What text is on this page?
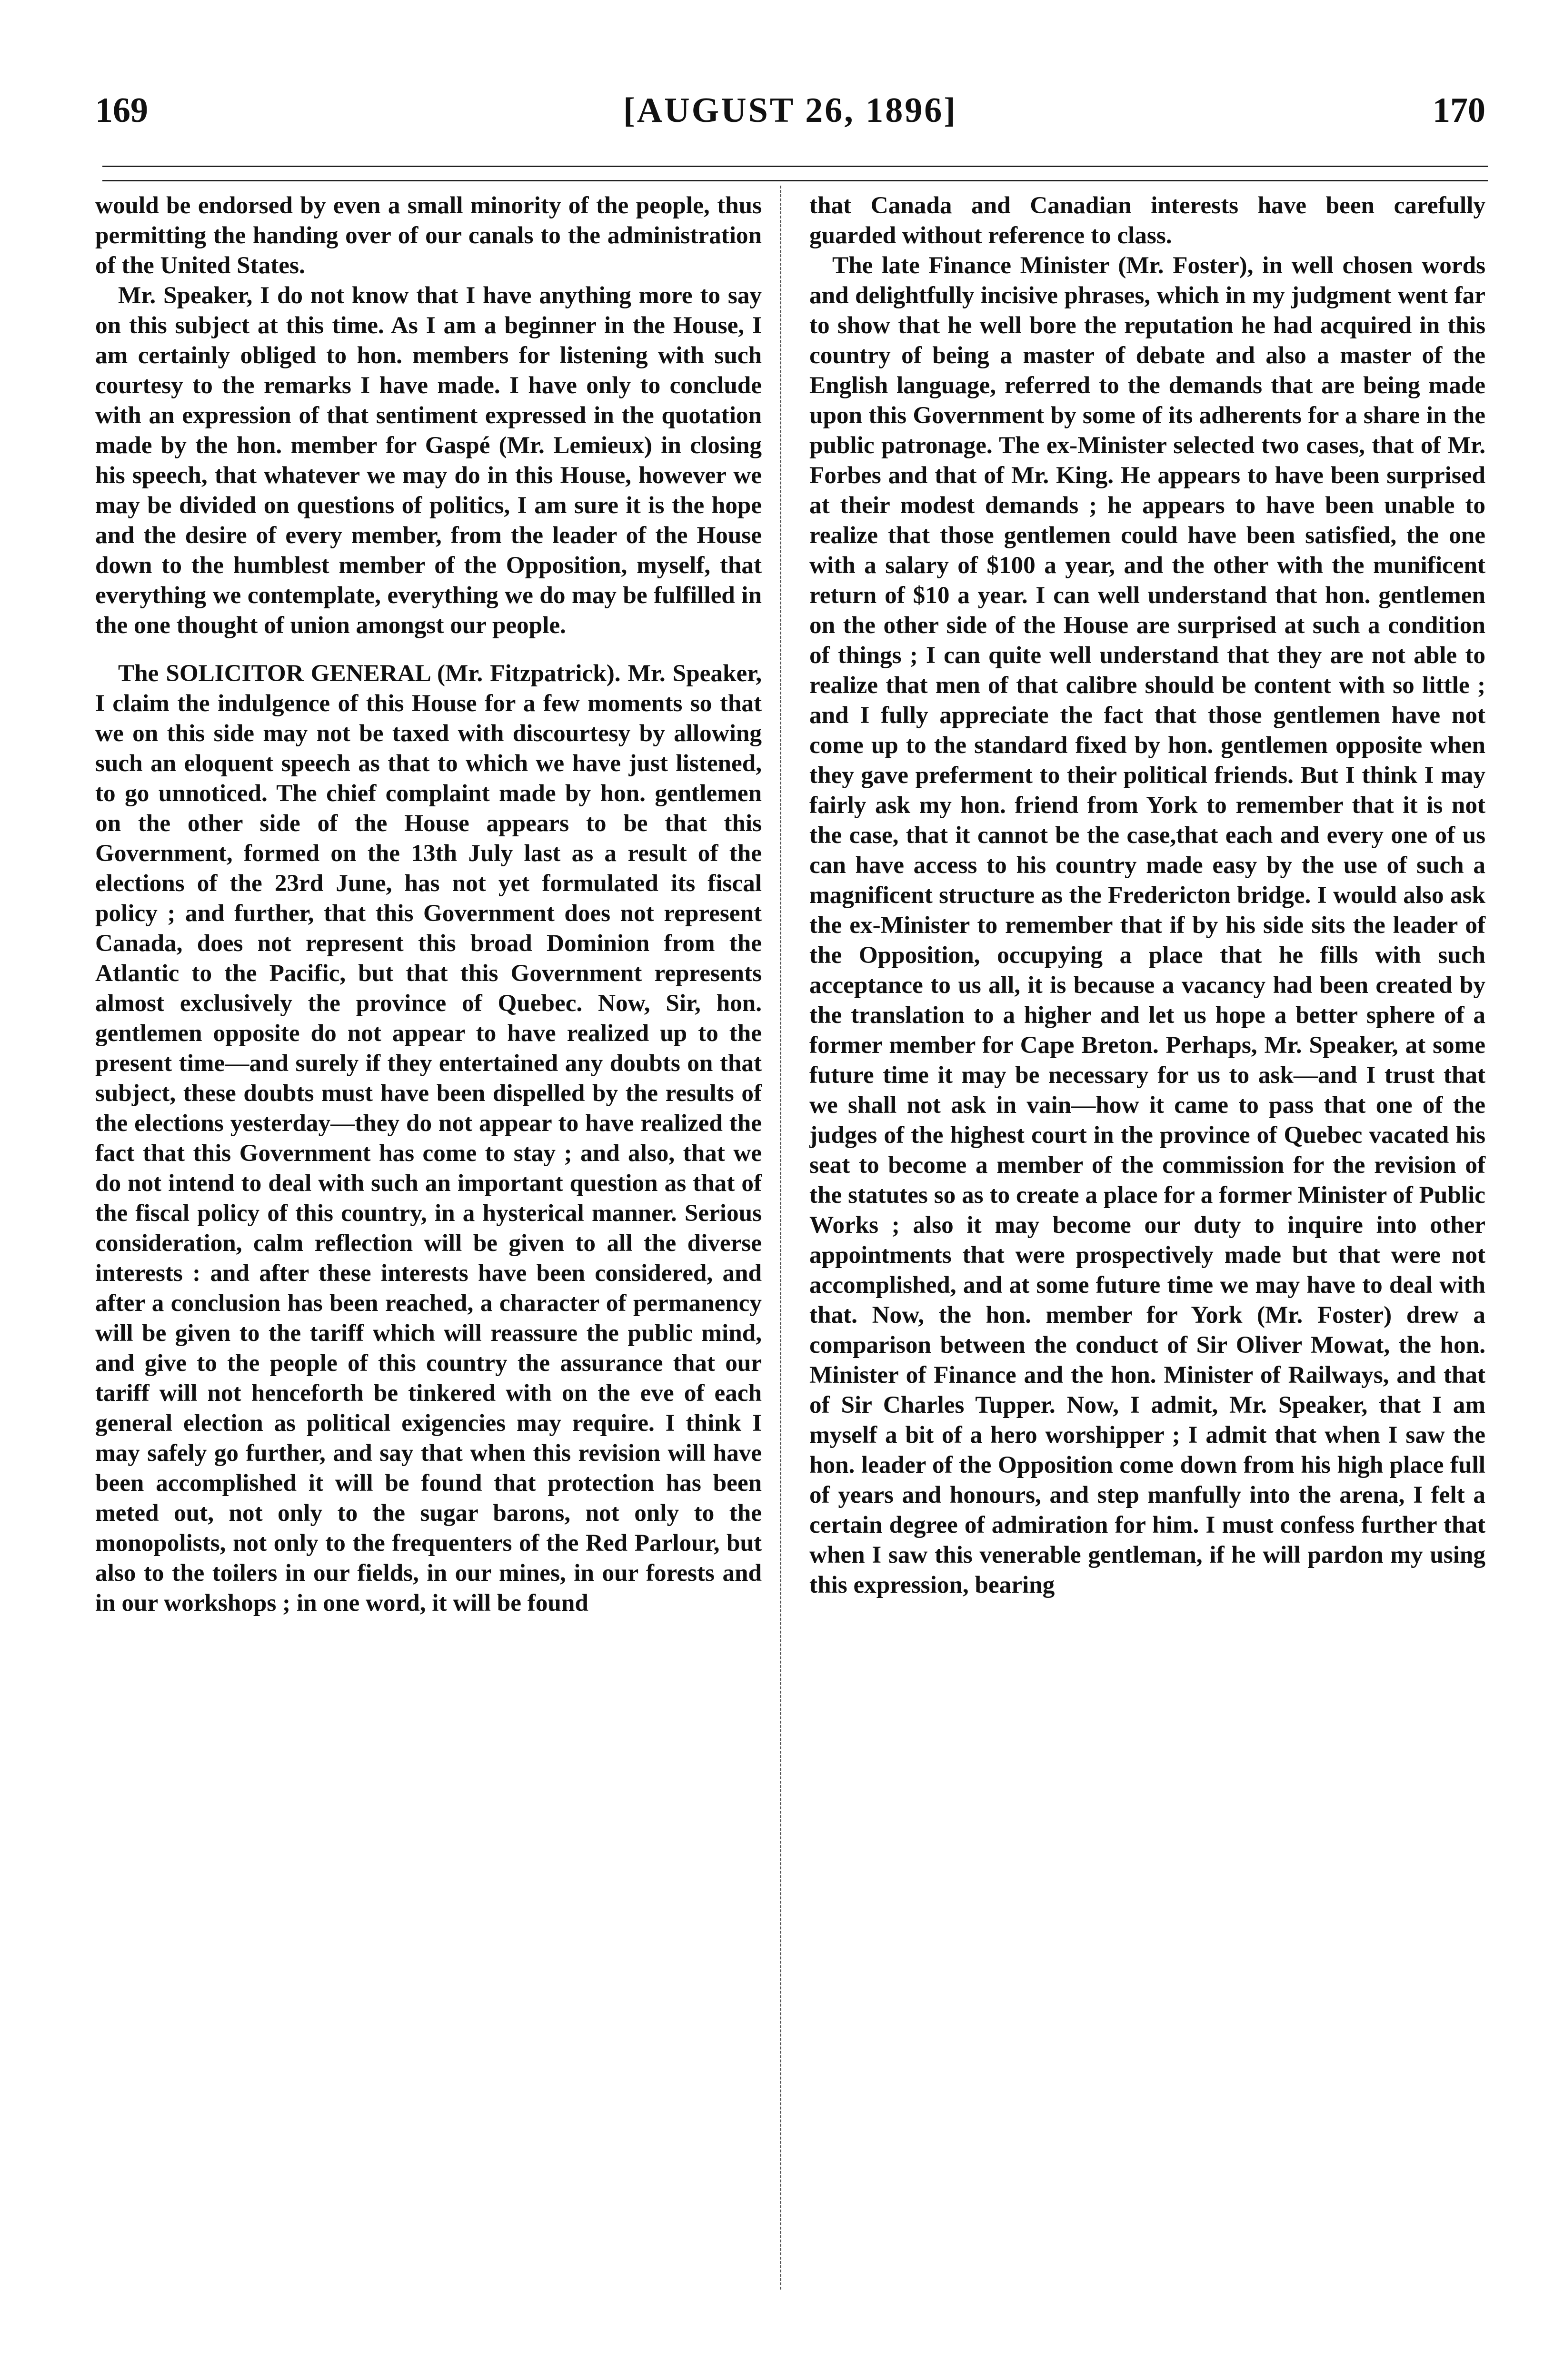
169	[AUGUST 26, 1896]	170

would be endorsed by even a small minority of the people, thus permitting the handing over of our canals to the administration of the United States.

Mr. Speaker, I do not know that I have anything more to say on this subject at this time. As I am a beginner in the House, I am certainly obliged to hon. members for listening with such courtesy to the remarks I have made. I have only to conclude with an expression of that sentiment expressed in the quotation made by the hon. member for Gaspé (Mr. Lemieux) in closing his speech, that whatever we may do in this House, however we may be divided on questions of politics, I am sure it is the hope and the desire of every member, from the leader of the House down to the humblest member of the Opposition, myself, that everything we contemplate, everything we do may be fulfilled in the one thought of union amongst our people.

The SOLICITOR GENERAL (Mr. Fitzpatrick). Mr. Speaker, I claim the indulgence of this House for a few moments so that we on this side may not be taxed with discourtesy by allowing such an eloquent speech as that to which we have just listened, to go unnoticed. The chief complaint made by hon. gentlemen on the other side of the House appears to be that this Government, formed on the 13th July last as a result of the elections of the 23rd June, has not yet formulated its fiscal policy ; and further, that this Government does not represent Canada, does not represent this broad Dominion from the Atlantic to the Pacific, but that this Government represents almost exclusively the province of Quebec. Now, Sir, hon. gentlemen opposite do not appear to have realized up to the present time—and surely if they entertained any doubts on that subject, these doubts must have been dispelled by the results of the elections yesterday—they do not appear to have realized the fact that this Government has come to stay ; and also, that we do not intend to deal with such an important question as that of the fiscal policy of this country, in a hysterical manner. Serious consideration, calm reflection will be given to all the diverse interests : and after these interests have been considered, and after a conclusion has been reached, a character of permanency will be given to the tariff which will reassure the public mind, and give to the people of this country the assurance that our tariff will not henceforth be tinkered with on the eve of each general election as political exigencies may require. I think I may safely go further, and say that when this revision will have been accomplished it will be found that protection has been meted out, not only to the sugar barons, not only to the monopolists, not only to the frequenters of the Red Parlour, but also to the toilers in our fields, in our mines, in our forests and in our workshops ; in one word, it will be found

that Canada and Canadian interests have been carefully guarded without reference to class.

The late Finance Minister (Mr. Foster), in well chosen words and delightfully incisive phrases, which in my judgment went far to show that he well bore the reputation he had acquired in this country of being a master of debate and also a master of the English language, referred to the demands that are being made upon this Government by some of its adherents for a share in the public patronage. The ex-Minister selected two cases, that of Mr. Forbes and that of Mr. King. He appears to have been surprised at their modest demands ; he appears to have been unable to realize that those gentlemen could have been satisfied, the one with a salary of $100 a year, and the other with the munificent return of $10 a year. I can well understand that hon. gentlemen on the other side of the House are surprised at such a condition of things ; I can quite well understand that they are not able to realize that men of that calibre should be content with so little ; and I fully appreciate the fact that those gentlemen have not come up to the standard fixed by hon. gentlemen opposite when they gave preferment to their political friends. But I think I may fairly ask my hon. friend from York to remember that it is not the case, that it cannot be the case,that each and every one of us can have access to his country made easy by the use of such a magnificent structure as the Fredericton bridge. I would also ask the ex-Minister to remember that if by his side sits the leader of the Opposition, occupying a place that he fills with such acceptance to us all, it is because a vacancy had been created by the translation to a higher and let us hope a better sphere of a former member for Cape Breton. Perhaps, Mr. Speaker, at some future time it may be necessary for us to ask—and I trust that we shall not ask in vain—how it came to pass that one of the judges of the highest court in the province of Quebec vacated his seat to become a member of the commission for the revision of the statutes so as to create a place for a former Minister of Public Works ; also it may become our duty to inquire into other appointments that were prospectively made but that were not accomplished, and at some future time we may have to deal with that. Now, the hon. member for York (Mr. Foster) drew a comparison between the conduct of Sir Oliver Mowat, the hon. Minister of Finance and the hon. Minister of Railways, and that of Sir Charles Tupper. Now, I admit, Mr. Speaker, that I am myself a bit of a hero worshipper ; I admit that when I saw the hon. leader of the Opposition come down from his high place full of years and honours, and step manfully into the arena, I felt a certain degree of admiration for him. I must confess further that when I saw this venerable gentleman, if he will pardon my using this expression, bearing
